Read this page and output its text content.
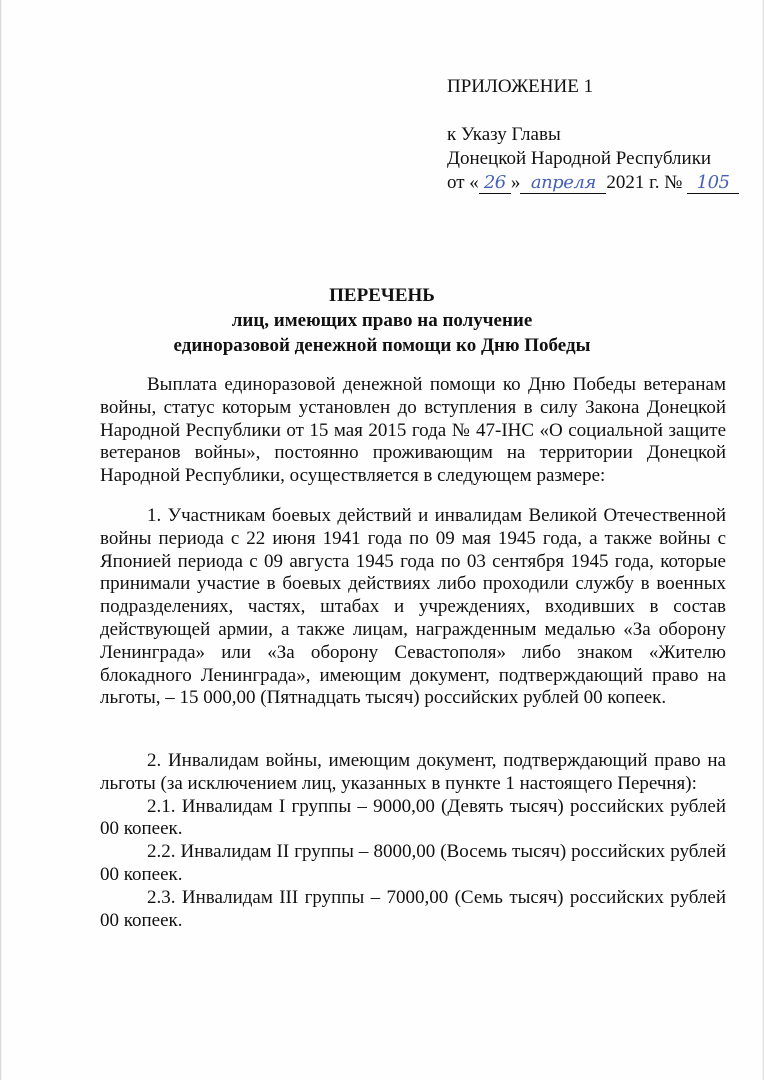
ПРИЛОЖЕНИЕ 1
к Указу Главы
Донецкой Народной Республики
от « 26 » апреля 2021 г. № 105
ПЕРЕЧЕНЬ
лиц, имеющих право на получение
единоразовой денежной помощи ко Дню Победы

Выплата единоразовой денежной помощи ко Дню Победы ветеранам войны, статус которым установлен до вступления в силу Закона Донецкой Народной Республики от 15 мая 2015 года № 47-IНС «О социальной защите ветеранов войны», постоянно проживающим на территории Донецкой Народной Республики, осуществляется в следующем размере:

1. Участникам боевых действий и инвалидам Великой Отечественной войны периода с 22 июня 1941 года по 09 мая 1945 года, а также войны с Японией периода с 09 августа 1945 года по 03 сентября 1945 года, которые принимали участие в боевых действиях либо проходили службу в военных подразделениях, частях, штабах и учреждениях, входивших в состав действующей армии, а также лицам, награжденным медалью «За оборону Ленинграда» или «За оборону Севастополя» либо знаком «Жителю блокадного Ленинграда», имеющим документ, подтверждающий право на льготы, – 15 000,00 (Пятнадцать тысяч) российских рублей 00 копеек.

2. Инвалидам войны, имеющим документ, подтверждающий право на льготы (за исключением лиц, указанных в пункте 1 настоящего Перечня):

2.1. Инвалидам I группы – 9000,00 (Девять тысяч) российских рублей 00 копеек.

2.2. Инвалидам II группы – 8000,00 (Восемь тысяч) российских рублей 00 копеек.

2.3. Инвалидам III группы – 7000,00 (Семь тысяч) российских рублей 00 копеек.
